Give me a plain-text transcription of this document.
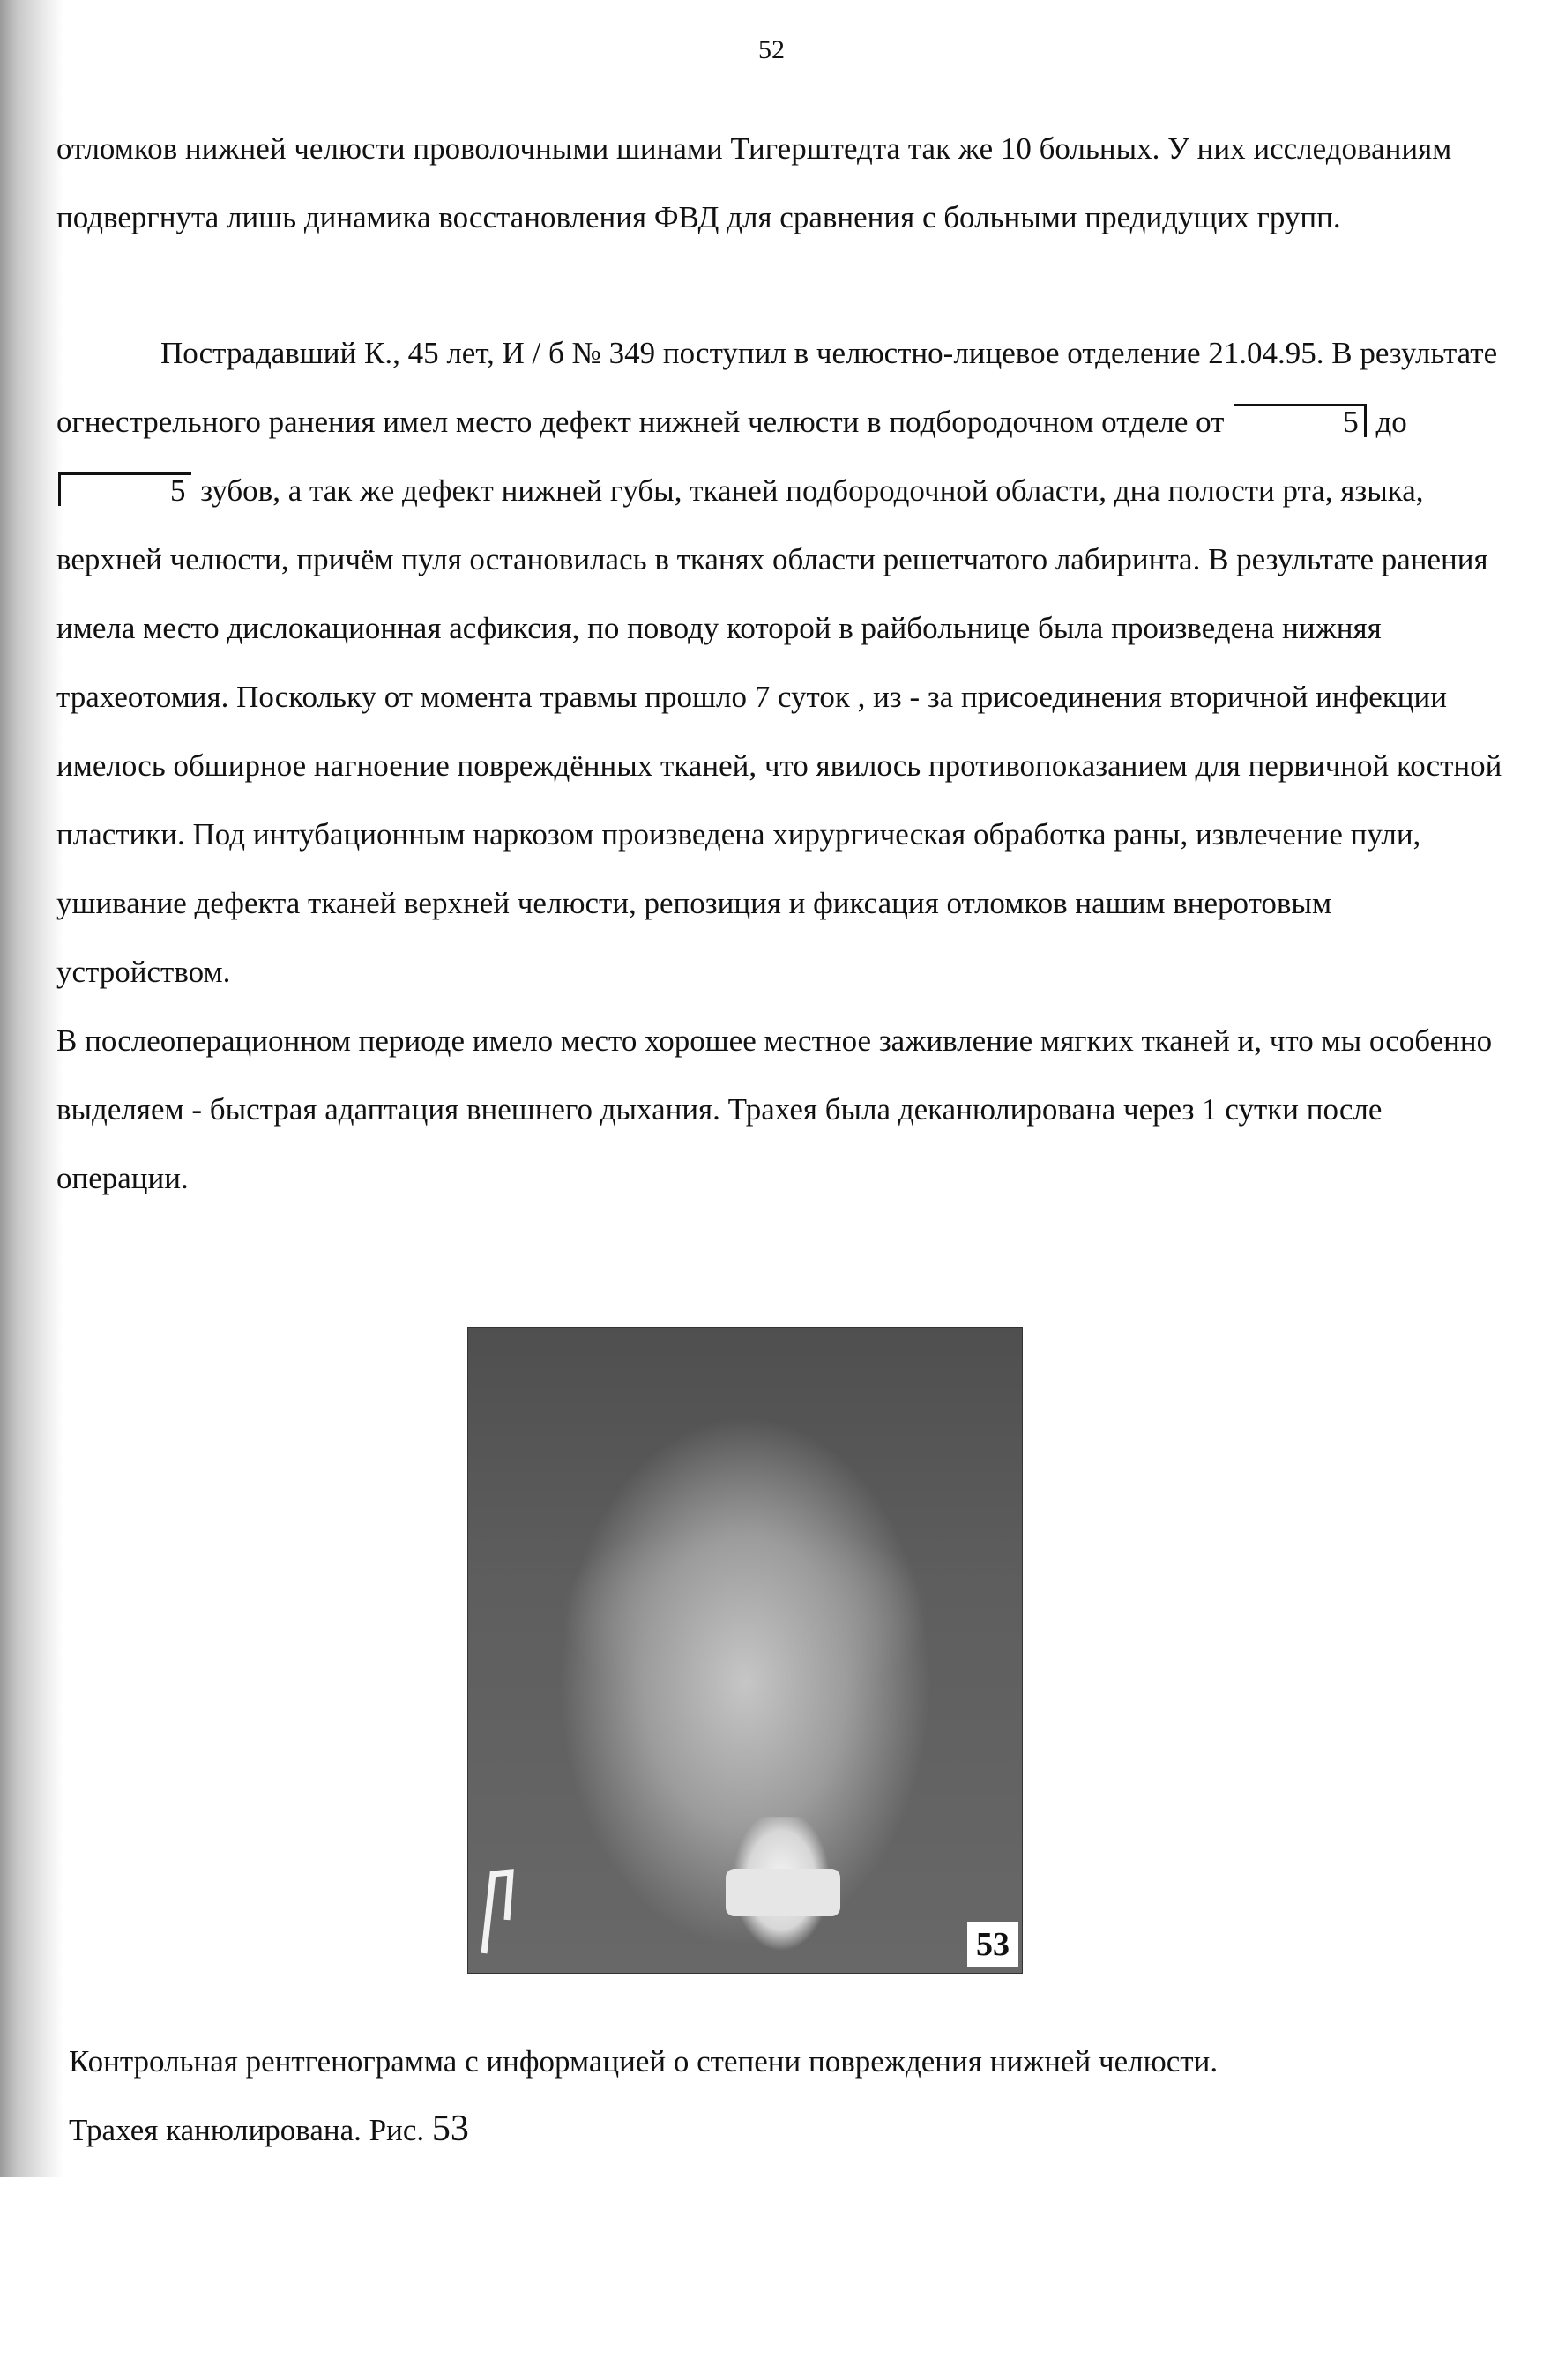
52

отломков нижней челюсти проволочными шинами Тигерштедта так же 10 больных. У них исследованиям подвергнута лишь динамика восстановления ФВД для сравнения с больными предидущих групп.

Пострадавший К., 45 лет, И / б № 349 поступил в челюстно-лицевое отделение 21.04.95. В результате огнестрельного ранения имел место дефект нижней челюсти в подбородочном отделе от	5 до 5 зубов, а так же дефект нижней губы, тканей подбородочной области, дна полости рта, языка, верхней челюсти, причём пуля остановилась в тканях области решетчатого лабиринта. В результате ранения имела место дислокационная асфиксия, по поводу которой в райбольнице была произведена нижняя трахеотомия. Поскольку от момента травмы прошло 7 суток , из - за присоединения вторичной инфекции имелось обширное нагноение повреждённых тканей, что явилось противопоказанием для первичной костной пластики. Под интубационным наркозом произведена хирургическая обработка раны, извлечение пули, ушивание дефекта тканей верхней челюсти, репозиция и фиксация отломков нашим внеротовым устройством.

В послеоперационном периоде имело место хорошее местное заживление мягких тканей и, что мы особенно выделяем - быстрая адаптация внешнего дыхания. Трахея была деканюлирована через 1 сутки после операции.

53
Контрольная рентгенограмма с информацией о степени повреждения нижней челюсти.
Трахея канюлирована. Рис. 53
